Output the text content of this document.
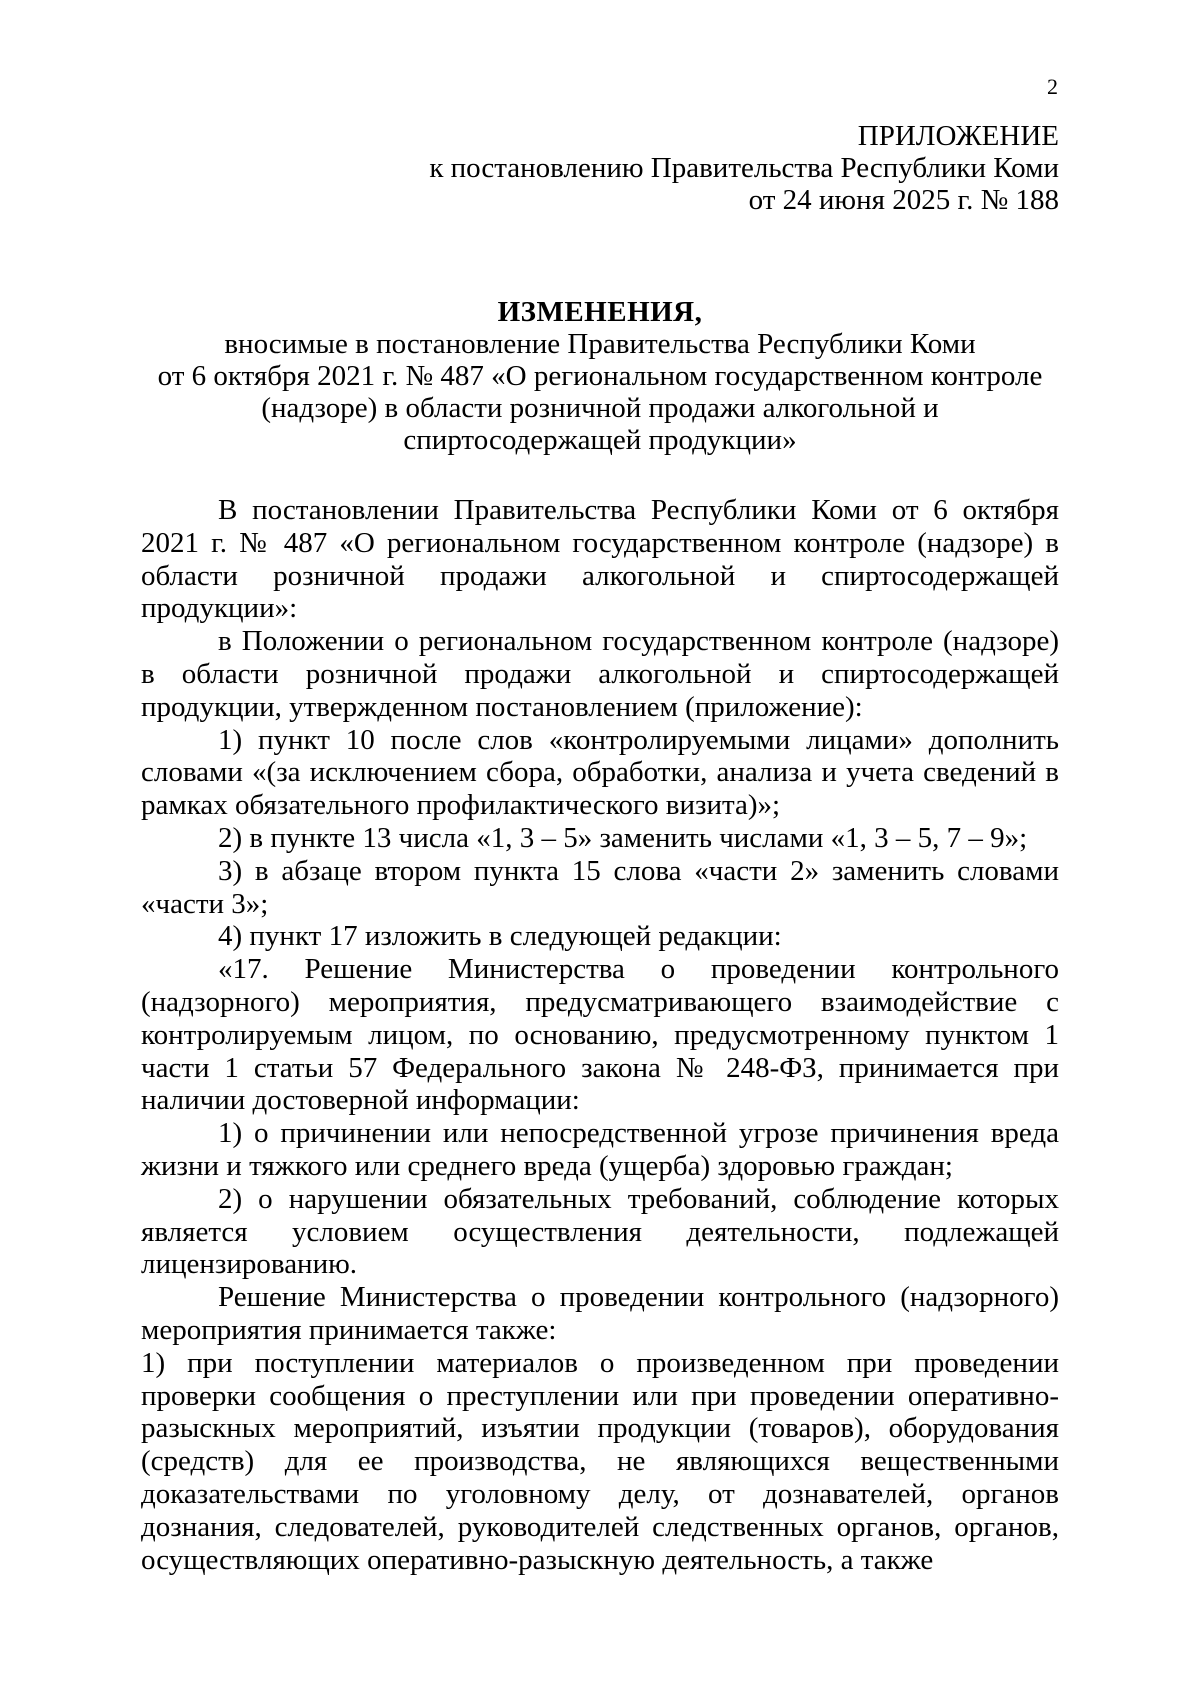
2
ПРИЛОЖЕНИЕ
к постановлению Правительства Республики Коми
от 24 июня 2025 г. № 188
ИЗМЕНЕНИЯ,
вносимые в постановление Правительства Республики Коми
от 6 октября 2021 г. № 487 «О региональном государственном контроле
(надзоре) в области розничной продажи алкогольной и
спиртосодержащей продукции»

В постановлении Правительства Республики Коми от 6 октября 2021 г. № 487 «О региональном государственном контроле (надзоре) в области розничной продажи алкогольной и спиртосодержащей продукции»:

в Положении о региональном государственном контроле (надзоре) в области розничной продажи алкогольной и спиртосодержащей продукции, утвержденном постановлением (приложение):

1) пункт 10 после слов «контролируемыми лицами» дополнить словами «(за исключением сбора, обработки, анализа и учета сведений в рамках обязательного профилактического визита)»;

2) в пункте 13 числа «1, 3 – 5» заменить числами «1, 3 – 5, 7 – 9»;

3) в абзаце втором пункта 15 слова «части 2» заменить словами «части 3»;

4) пункт 17 изложить в следующей редакции:

«17. Решение Министерства о проведении контрольного (надзорного) мероприятия, предусматривающего взаимодействие с контролируемым лицом, по основанию, предусмотренному пунктом 1 части 1 статьи 57 Федерального закона № 248-ФЗ, принимается при наличии достоверной информации:

1) о причинении или непосредственной угрозе причинения вреда жизни и тяжкого или среднего вреда (ущерба) здоровью граждан;

2) о нарушении обязательных требований, соблюдение которых является условием осуществления деятельности, подлежащей лицензированию.

Решение Министерства о проведении контрольного (надзорного) мероприятия принимается также:

1) при поступлении материалов о произведенном при проведении проверки сообщения о преступлении или при проведении оперативно-разыскных мероприятий, изъятии продукции (товаров), оборудования (средств) для ее производства, не являющихся вещественными доказательствами по уголовному делу, от дознавателей, органов дознания, следователей, руководителей следственных органов, органов, осуществляющих оперативно-разыскную деятельность, а также
